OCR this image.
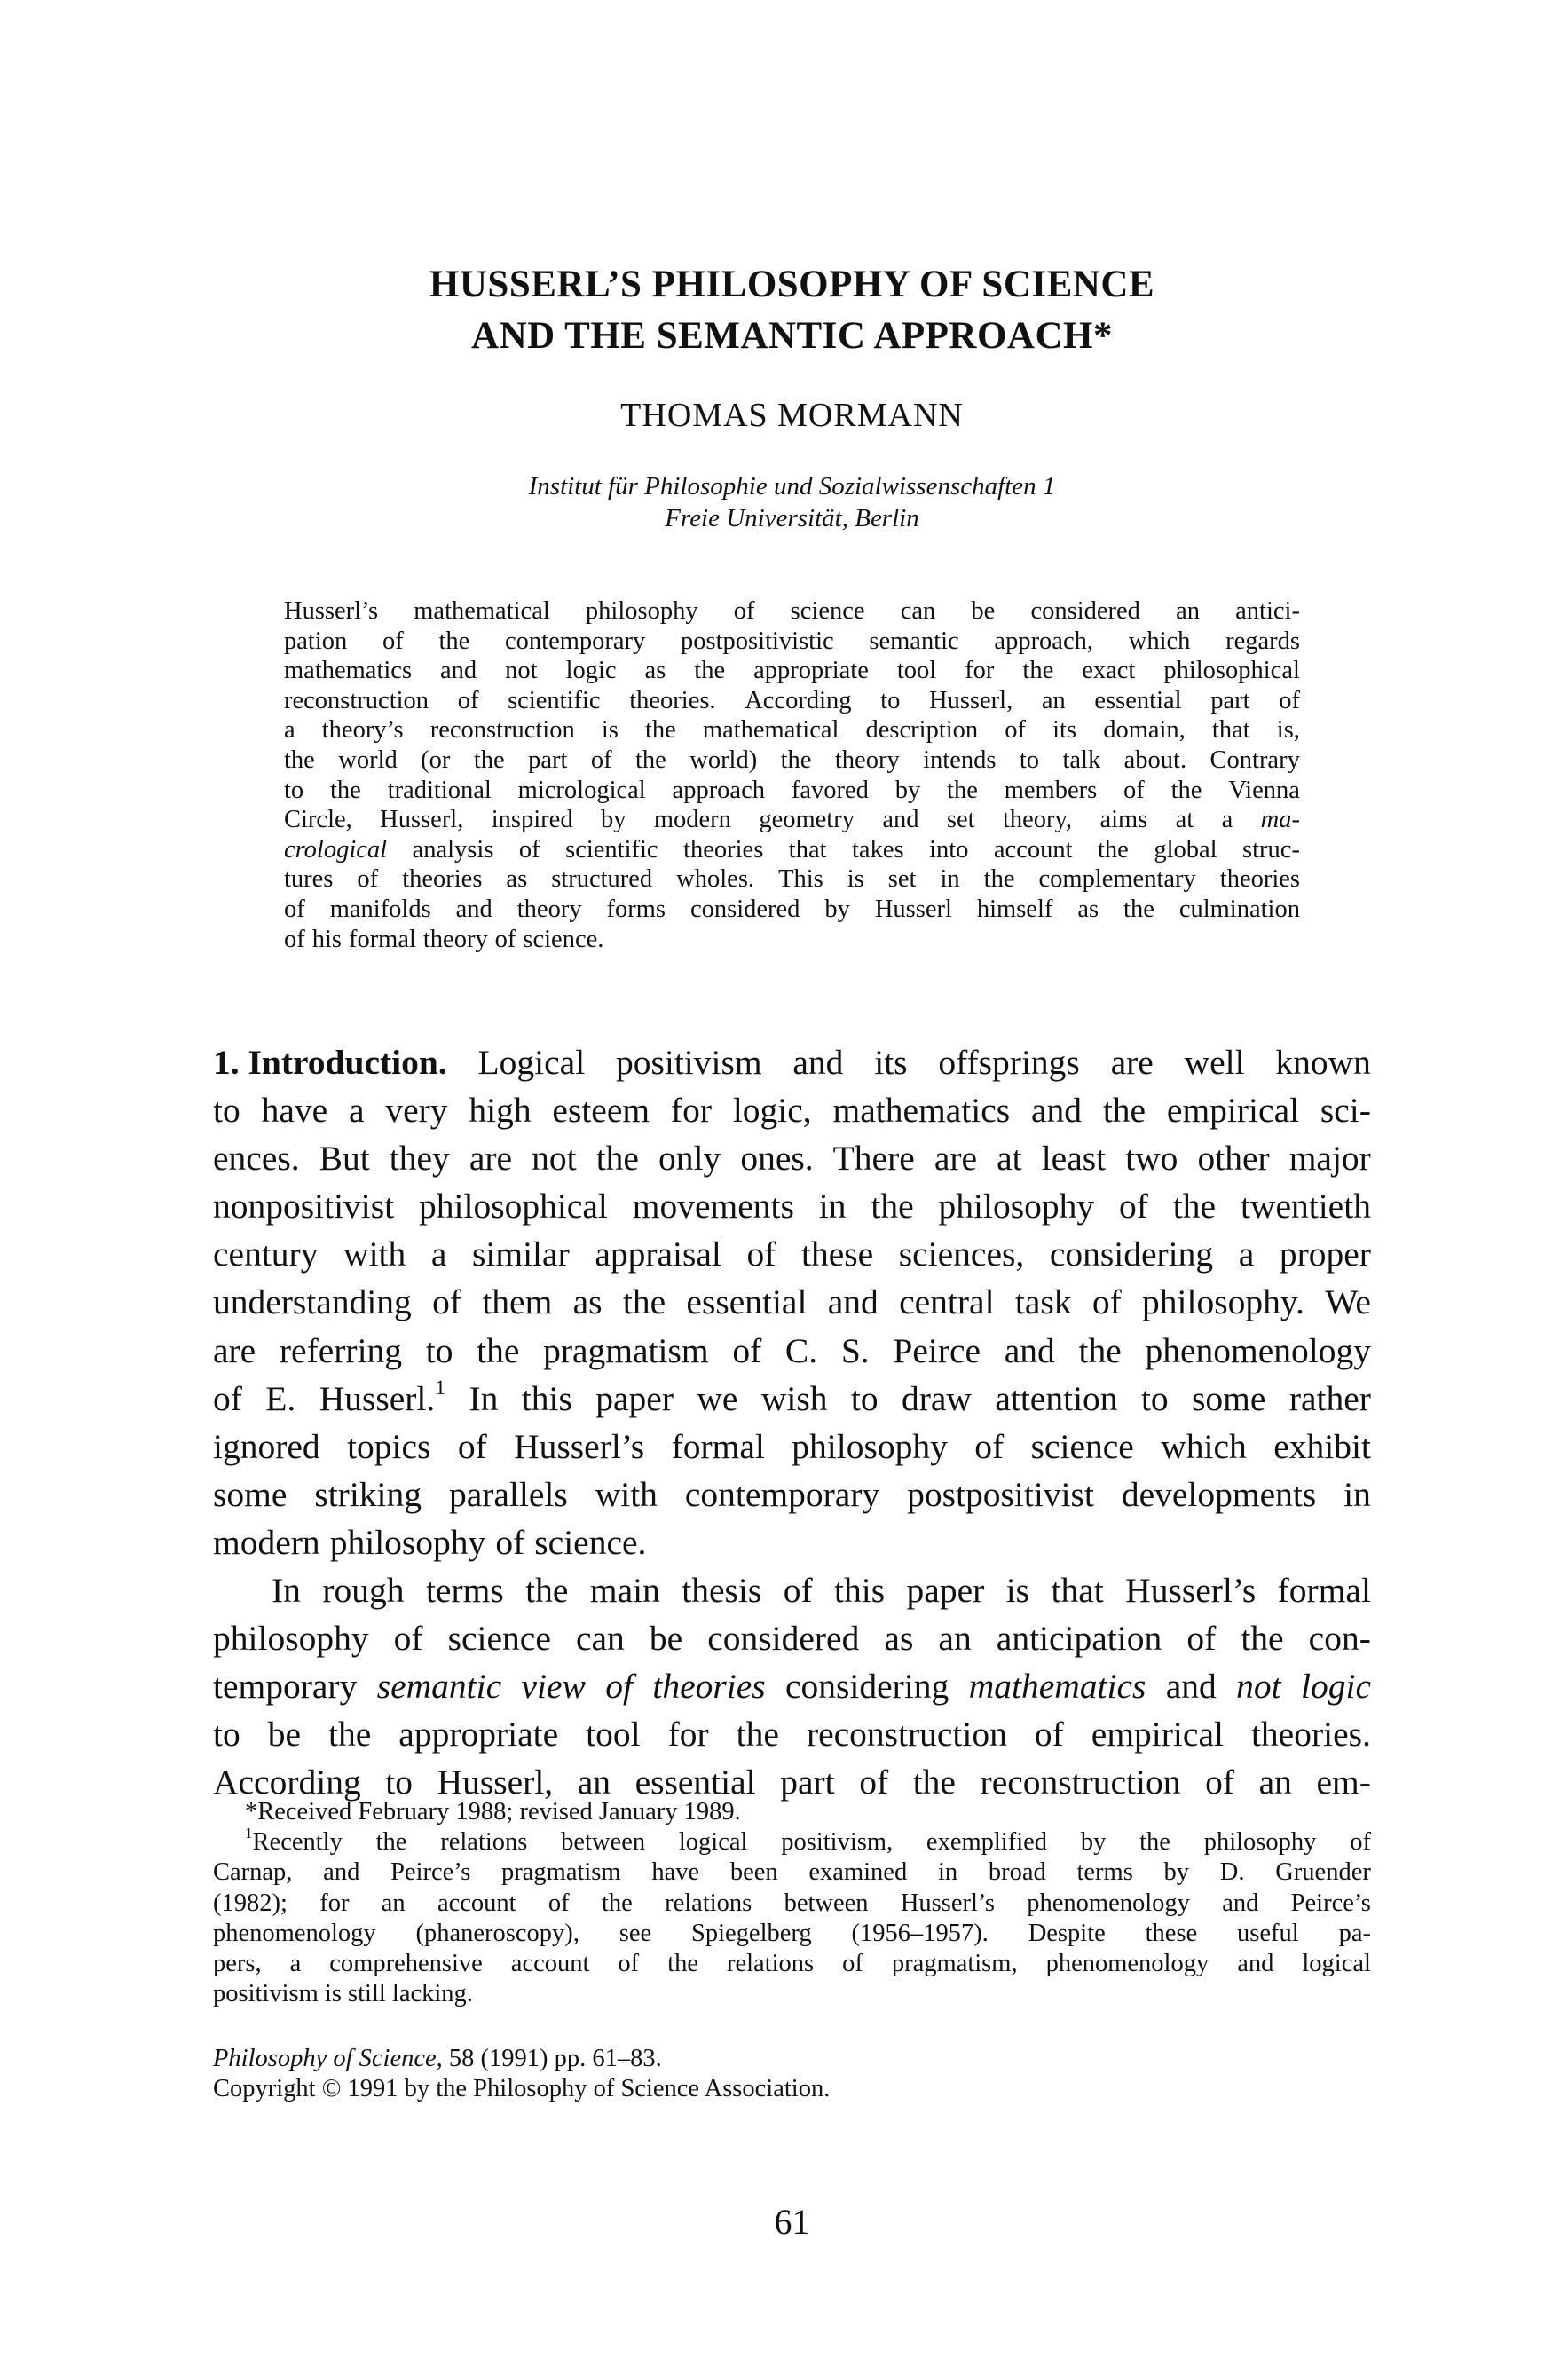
HUSSERL’S PHILOSOPHY OF SCIENCE
AND THE SEMANTIC APPROACH*
THOMAS MORMANN
Institut für Philosophie und Sozialwissenschaften 1
Freie Universität, Berlin
Husserl’s mathematical philosophy of science can be considered an antici-
pation of the contemporary postpositivistic semantic approach, which regards
mathematics and not logic as the appropriate tool for the exact philosophical
reconstruction of scientific theories. According to Husserl, an essential part of
a theory’s reconstruction is the mathematical description of its domain, that is,
the world (or the part of the world) the theory intends to talk about. Contrary
to the traditional micrological approach favored by the members of the Vienna
Circle, Husserl, inspired by modern geometry and set theory, aims at a ma-
crological analysis of scientific theories that takes into account the global struc-
tures of theories as structured wholes. This is set in the complementary theories
of manifolds and theory forms considered by Husserl himself as the culmination
of his formal theory of science.
1. Introduction. Logical positivism and its offsprings are well known
to have a very high esteem for logic, mathematics and the empirical sci-
ences. But they are not the only ones. There are at least two other major
nonpositivist philosophical movements in the philosophy of the twentieth
century with a similar appraisal of these sciences, considering a proper
understanding of them as the essential and central task of philosophy. We
are referring to the pragmatism of C. S. Peirce and the phenomenology
of E. Husserl.$^1$ In this paper we wish to draw attention to some rather
ignored topics of Husserl’s formal philosophy of science which exhibit
some striking parallels with contemporary postpositivist developments in
modern philosophy of science.
In rough terms the main thesis of this paper is that Husserl’s formal
philosophy of science can be considered as an anticipation of the con-
temporary semantic view of theories considering mathematics and not logic
to be the appropriate tool for the reconstruction of empirical theories.
According to Husserl, an essential part of the reconstruction of an em-
*Received February 1988; revised January 1989.
$^1$Recently the relations between logical positivism, exemplified by the philosophy of
Carnap, and Peirce’s pragmatism have been examined in broad terms by D. Gruender
(1982); for an account of the relations between Husserl’s phenomenology and Peirce’s
phenomenology (phaneroscopy), see Spiegelberg (1956–1957). Despite these useful pa-
pers, a comprehensive account of the relations of pragmatism, phenomenology and logical
positivism is still lacking.
Philosophy of Science, 58 (1991) pp. 61–83.
Copyright © 1991 by the Philosophy of Science Association.
61
